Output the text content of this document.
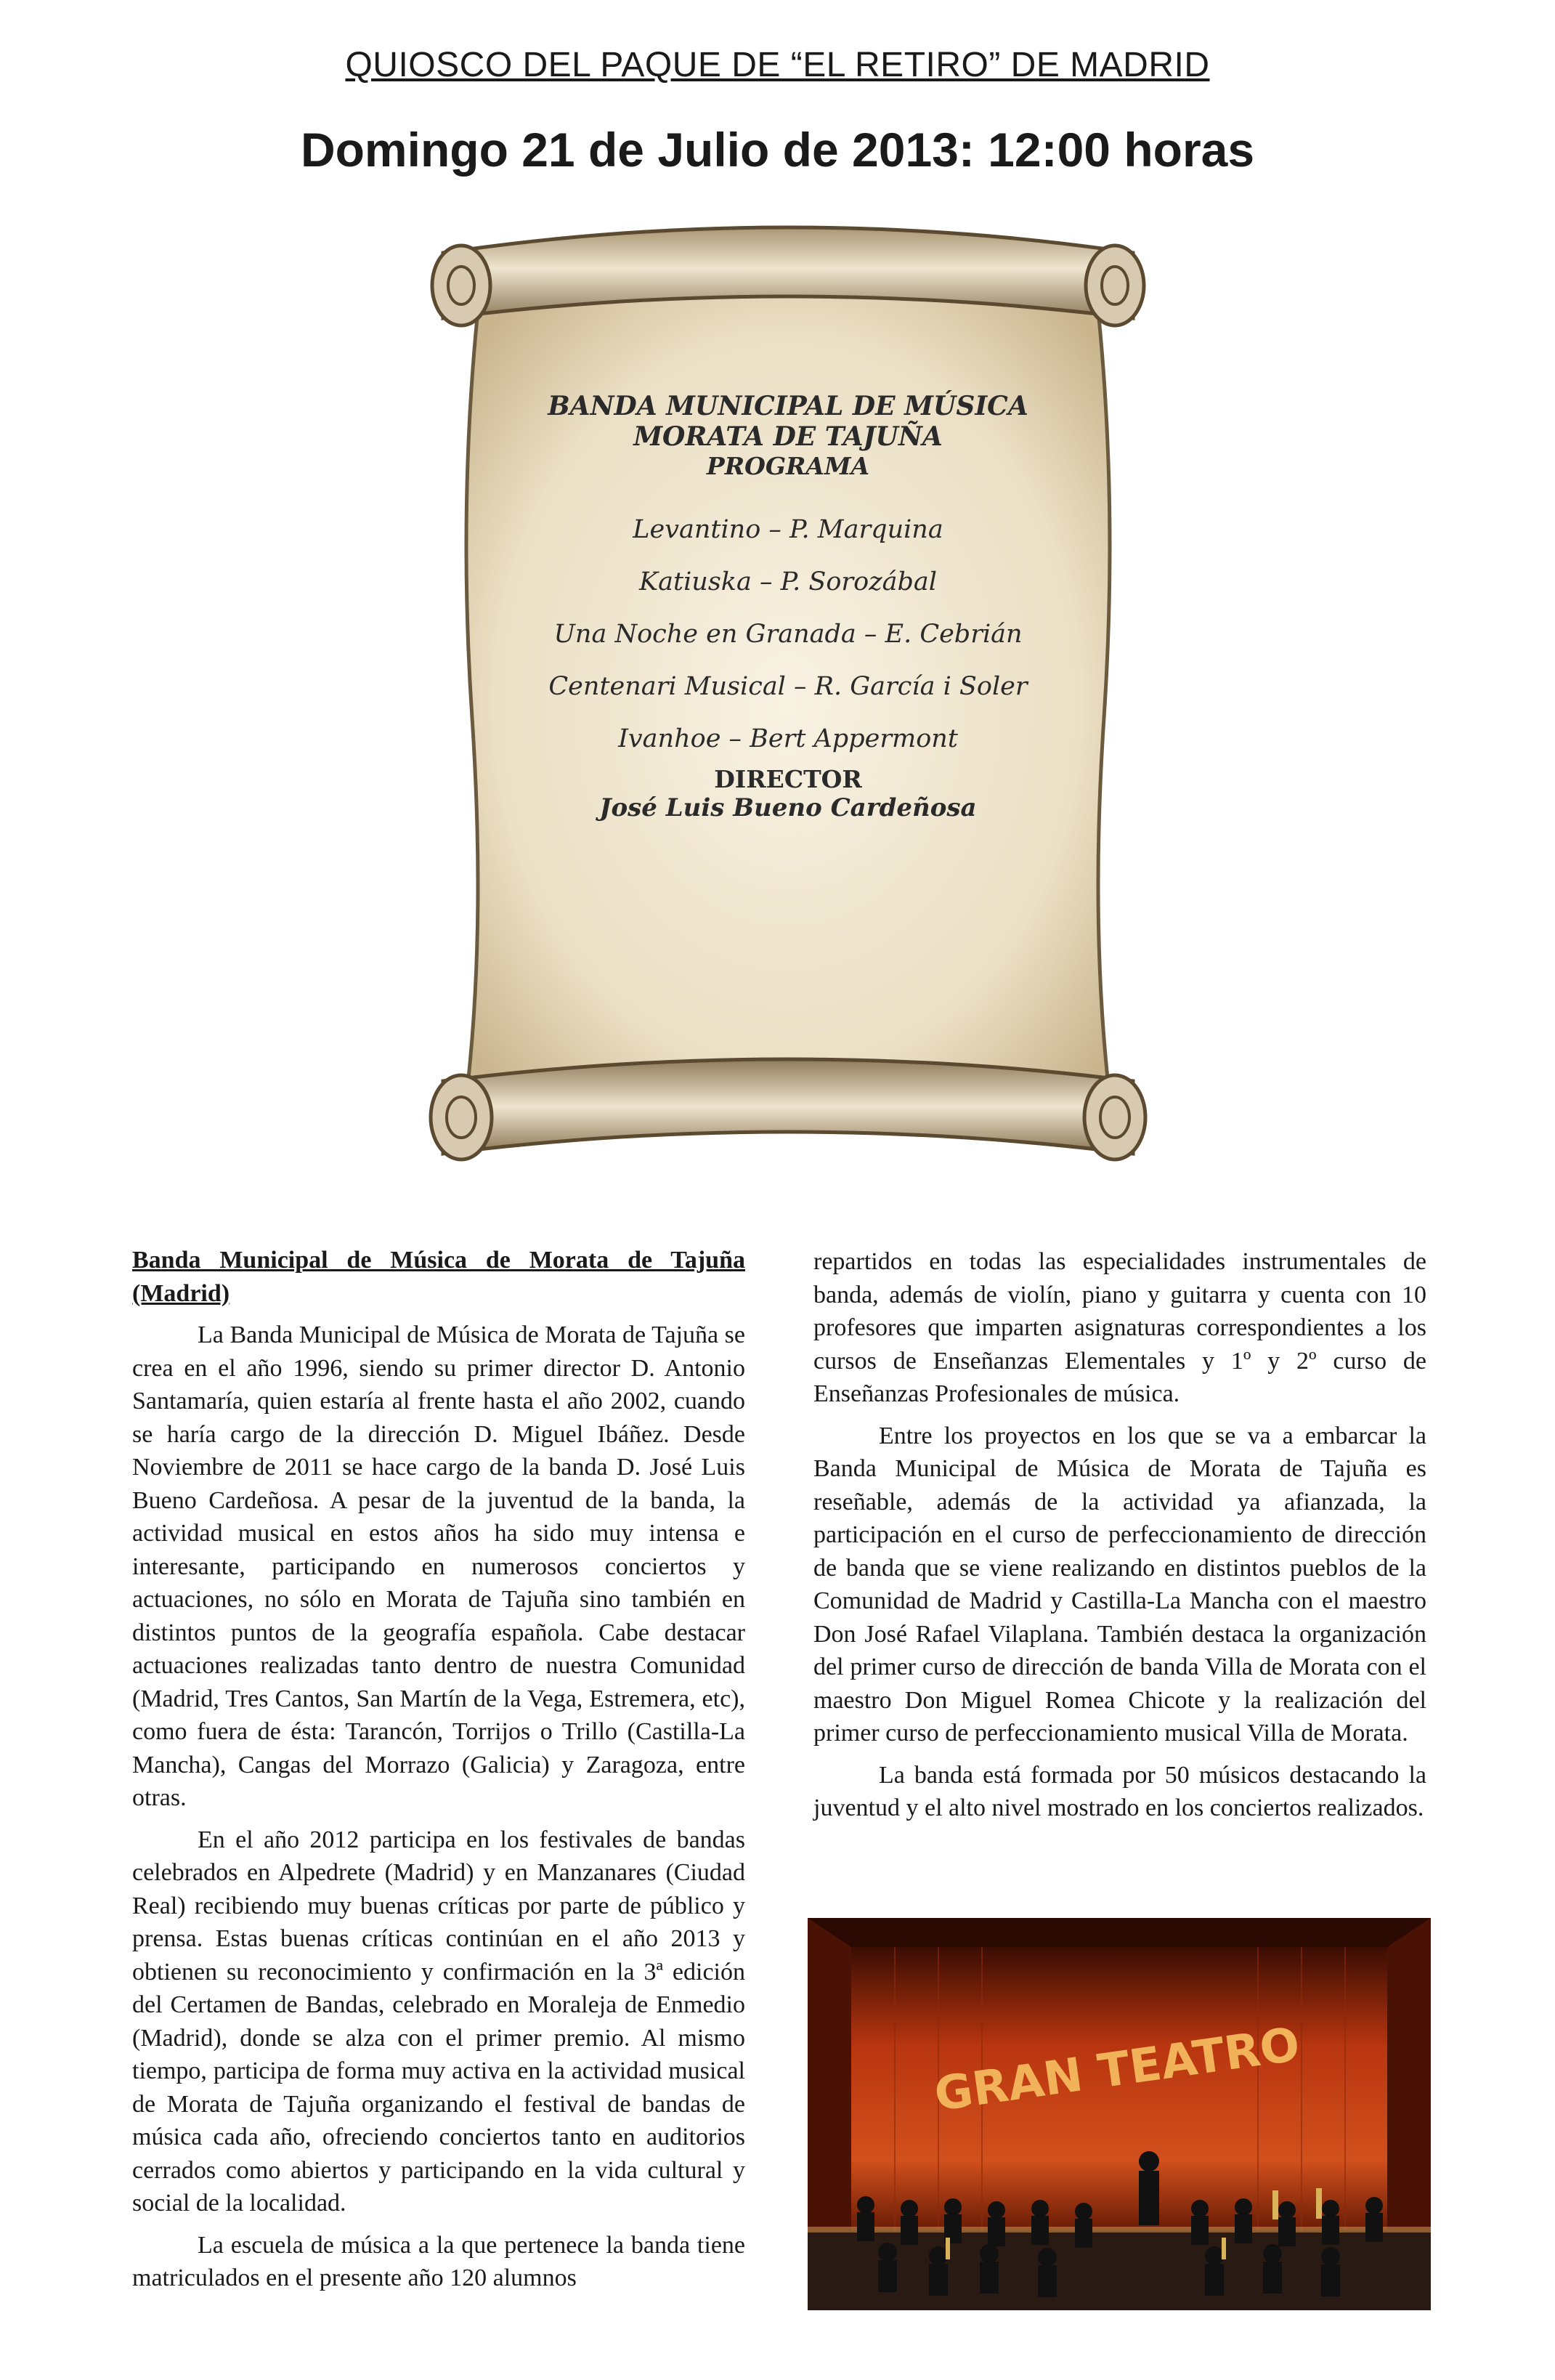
QUIOSCO DEL PAQUE DE “EL RETIRO” DE MADRID
Domingo 21 de Julio de 2013: 12:00 horas

BANDA MUNICIPAL DE MÚSICA

MORATA DE TAJUÑA

PROGRAMA

Levantino – P. Marquina
Katiuska – P. Sorozábal
Una Noche en Granada – E. Cebrián
Centenari Musical – R. García i Soler
Ivanhoe – Bert Appermont

DIRECTOR

José Luis Bueno Cardeñosa

Banda Municipal de Música de Morata de Tajuña (Madrid)

La Banda Municipal de Música de Morata de Tajuña se crea en el año 1996, siendo su primer director D. Antonio Santamaría, quien estaría al frente hasta el año 2002, cuando se haría cargo de la dirección D. Miguel Ibáñez. Desde Noviembre de 2011 se hace cargo de la banda D. José Luis Bueno Cardeñosa. A pesar de la juventud de la banda, la actividad musical en estos años ha sido muy intensa e interesante, participando en numerosos conciertos y actuaciones, no sólo en Morata de Tajuña sino también en distintos puntos de la geografía española. Cabe destacar actuaciones realizadas tanto dentro de nuestra Comunidad (Madrid, Tres Cantos, San Martín de la Vega, Estremera, etc), como fuera de ésta: Tarancón, Torrijos o Trillo (Castilla-La Mancha), Cangas del Morrazo (Galicia) y Zaragoza, entre otras.

En el año 2012 participa en los festivales de bandas celebrados en Alpedrete (Madrid) y en Manzanares (Ciudad Real) recibiendo muy buenas críticas por parte de público y prensa. Estas buenas críticas continúan en el año 2013 y obtienen su reconocimiento y confirmación en la 3ª edición del Certamen de Bandas, celebrado en Moraleja de Enmedio (Madrid), donde se alza con el primer premio. Al mismo tiempo, participa de forma muy activa en la actividad musical de Morata de Tajuña organizando el festival de bandas de música cada año, ofreciendo conciertos tanto en auditorios cerrados como abiertos y participando en la vida cultural y social de la localidad.

La escuela de música a la que pertenece la banda tiene matriculados en el presente año 120 alumnos

repartidos en todas las especialidades instrumentales de banda, además de violín, piano y guitarra y cuenta con 10 profesores que imparten asignaturas correspondientes a los cursos de Enseñanzas Elementales y 1º y 2º curso de Enseñanzas Profesionales de música.

Entre los proyectos en los que se va a embarcar la Banda Municipal de Música de Morata de Tajuña es reseñable, además de la actividad ya afianzada, la participación en el curso de perfeccionamiento de dirección de banda que se viene realizando en distintos pueblos de la Comunidad de Madrid y Castilla-La Mancha con el maestro Don José Rafael Vilaplana. También destaca la organización del primer curso de dirección de banda Villa de Morata con el maestro Don Miguel Romea Chicote y la realización del primer curso de perfeccionamiento musical Villa de Morata.

La banda está formada por 50 músicos destacando la juventud y el alto nivel mostrado en los conciertos realizados.

GRAN TEATRO
